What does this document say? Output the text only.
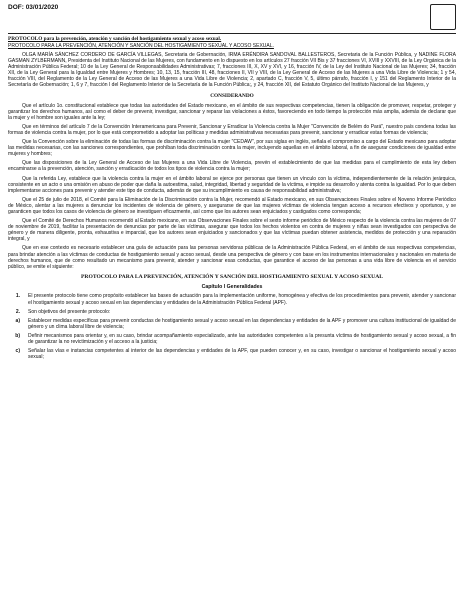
DOF: 03/01/2020
PROTOCOLO para la prevención, atención y sanción del hostigamiento sexual y acoso sexual.
PROTOCOLO PARA LA PREVENCIÓN, ATENCIÓN Y SANCIÓN DEL HOSTIGAMIENTO SEXUAL Y ACOSO SEXUAL.
OLGA MARÍA SÁNCHEZ CORDERO DE GARCÍA VILLEGAS, Secretaria de Gobernación, IRMA ERÉNDIRA SANDOVAL BALLESTEROS, Secretaria de la Función Pública, y NADINE FLORA GASMAN ZYLBERMANN, Presidenta del Instituto Nacional de las Mujeres, con fundamento en lo dispuesto en los artículos 27 fracción VII Bis y 37 fracciones VI, XVIII y XXVIII, de la Ley Orgánica de la Administración Pública Federal; 10 de la Ley General de Responsabilidades Administrativas; 7, fracciones III, X, XV y XVI, y 16, fracción IV, de la Ley del Instituto Nacional de las Mujeres; 34, fracción XII, de la Ley General para la Igualdad entre Mujeres y Hombres; 10, 13, 15, fracción III, 48, fracciones II, VII y VIII, de la Ley General de Acceso de las Mujeres a una Vida Libre de Violencia; 1 y 54, fracción VIII, del Reglamento de la Ley General de Acceso de las Mujeres a una Vida Libre de Violencia; 2, apartado C, fracción V, 5, último párrafo, fracción I, y 151 del Reglamento Interior de la Secretaría de Gobernación; 1, 6 y 7, fracción I del Reglamento Interior de la Secretaría de la Función Pública;, y 24, fracción XII, del Estatuto Orgánico del Instituto Nacional de las Mujeres, y
CONSIDERANDO
Que el artículo 1o. constitucional establece que todas las autoridades del Estado mexicano, en el ámbito de sus respectivas competencias, tienen la obligación de promover, respetar, proteger y garantizar los derechos humanos, así como el deber de prevenir, investigar, sancionar y reparar las violaciones a éstos, favoreciendo en todo tiempo la protección más amplia, además de declarar que la mujer y el hombre son iguales ante la ley;
Que en términos del artículo 7 de la Convención Interamericana para Prevenir, Sancionar y Erradicar la Violencia contra la Mujer "Convención de Belém do Pará", nuestro país condena todas las formas de violencia contra la mujer, por lo que está comprometido a adoptar las políticas y medidas administrativas necesarias para prevenir, sancionar y erradicar estas formas de violencia;
Que la Convención sobre la eliminación de todas las formas de discriminación contra la mujer "CEDAW", por sus siglas en inglés, señala el compromiso a cargo del Estado mexicano para adoptar las medidas necesarias, con las sanciones correspondientes, que prohíban toda discriminación contra la mujer, incluyendo aquellas en el ámbito laboral, a fin de asegurar condiciones de igualdad entre mujeres y hombres;
Que las disposiciones de la Ley General de Acceso de las Mujeres a una Vida Libre de Violencia, prevén el establecimiento de que las medidas para el cumplimiento de esta ley deben encaminarse a la prevención, atención, sanción y erradicación de todos los tipos de violencia contra la mujer;
Que la referida Ley, establece que la violencia contra la mujer en el ámbito laboral se ejerce por personas que tienen un vínculo con la víctima, independientemente de la relación jerárquica, consistente en un acto o una omisión en abuso de poder que daña la autoestima, salud, integridad, libertad y seguridad de la víctima, e impide su desarrollo y atenta contra la igualdad. Por lo que deben implementarse acciones para prevenir y atender este tipo de conducta, además de que su incumplimiento es causa de responsabilidad administrativa;
Que el 25 de julio de 2018, el Comité para la Eliminación de la Discriminación contra la Mujer, recomendó al Estado mexicano, en sus Observaciones Finales sobre el Noveno Informe Periódico de México, alentar a las mujeres a denunciar los incidentes de violencia de género, y asegurarse de que las mujeres víctimas de violencia tengan acceso a recursos efectivos y oportunos, y se garanticen que todos los casos de violencia de género se investiguen eficazmente, así como que los autores sean enjuiciados y castigados como corresponda;
Que el Comité de Derechos Humanos recomendó al Estado mexicano, en sus Observaciones Finales sobre el sexto informe periódico de México respecto de la violencia contra las mujeres de 07 de noviembre de 2019, facilitar la presentación de denuncias por parte de las víctimas, asegurar que todos los hechos violentos en contra de mujeres y niñas sean investigados con perspectiva de género y de manera diligente, pronta, exhaustiva e imparcial, que los autores sean enjuiciados y sancionados y que las víctimas puedan obtener asistencia, medidos de protección y una reparación integral, y
Que en ese contexto es necesario establecer una guía de actuación para las personas servidoras públicas de la Administración Pública Federal, en el ámbito de sus respectivas competencias, para brindar atención a las víctimas de conductas de hostigamiento sexual y acoso sexual, desde una perspectiva de género y con base en los instrumentos internacionales y nacionales en materia de derechos humanos, que de como resultado un mecanismo para prevenir, atender y sancionar esas conductas, que garantice el acceso de las personas a una vida libre de violencia en el servicio público, se emite el siguiente:
PROTOCOLO PARA LA PREVENCIÓN, ATENCIÓN Y SANCIÓN DEL HOSTIGAMIENTO SEXUAL Y ACOSO SEXUAL
Capítulo I Generalidades
1.	El presente protocolo tiene como propósito establecer las bases de actuación para la implementación uniforme, homogénea y efectiva de los procedimientos para prevenir, atender y sancionar el hostigamiento sexual y acoso sexual en las dependencias y entidades de la Administración Pública Federal (APF).
2.	Son objetivos del presente protocolo:
a)	Establecer medidas específicas para prevenir conductas de hostigamiento sexual y acoso sexual en las dependencias y entidades de la APF y promover una cultura institucional de igualdad de género y un clima laboral libre de violencia;
b)	Definir mecanismos para orientar y, en su caso, brindar acompañamiento especializado, ante las autoridades competentes a la presunta víctima de hostigamiento sexual y acoso sexual, a fin de garantizar la no revictimización y el acceso a la justicia;
c)	Señalar las vías e instancias competentes al interior de las dependencias y entidades de la APF, que pueden conocer y, en su caso, investigar o sancionar el hostigamiento sexual y acoso sexual;
